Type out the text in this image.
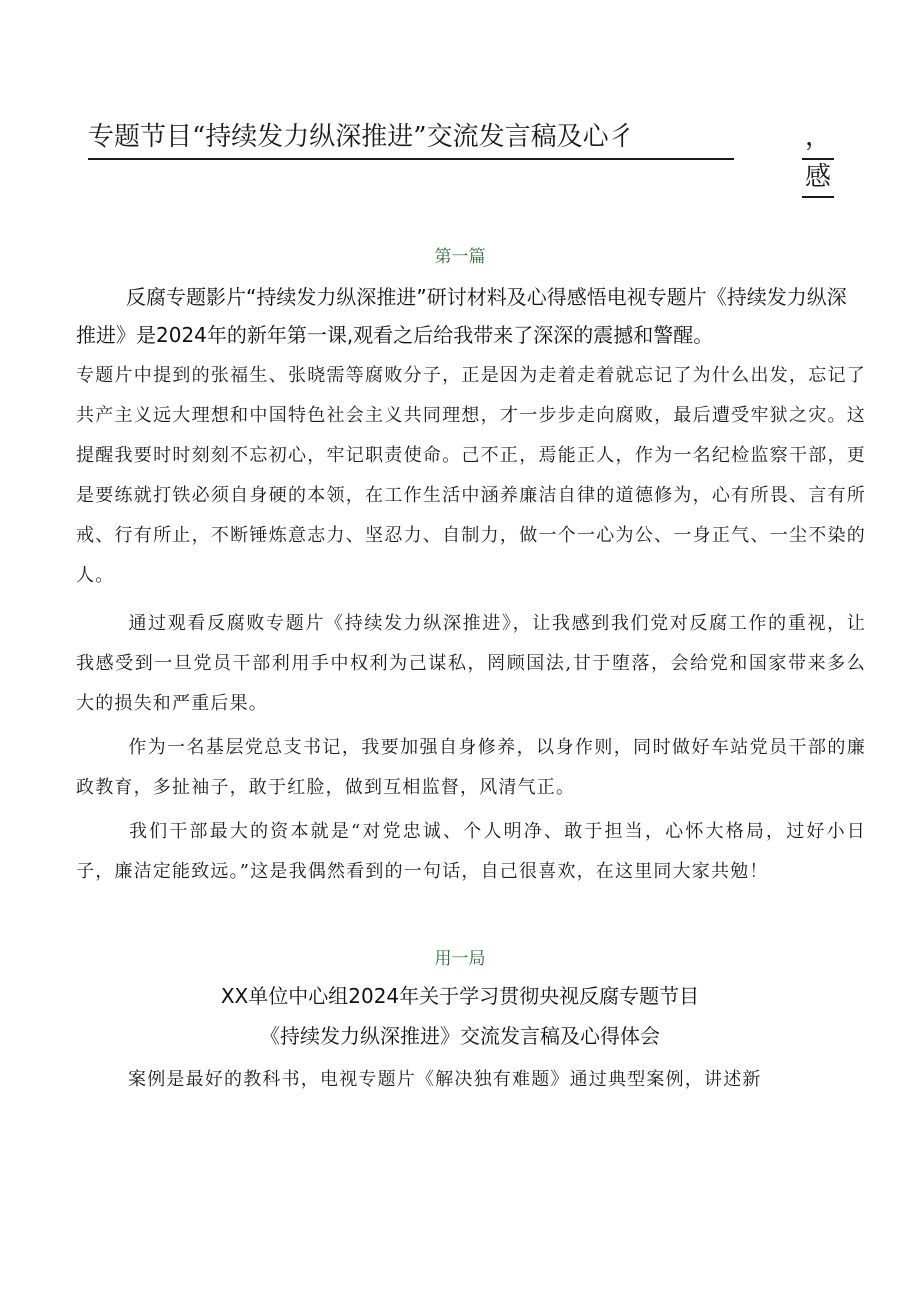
专题节目“持续发力纵深推进”交流发言稿及心彳	，
感
第一篇
反腐专题影片“持续发力纵深推进”研讨材料及心得感悟电视专题片《持续发力纵深推进》是2024年的新年第一课,观看之后给我带来了深深的震撼和警醒。
专题片中提到的张福生、张晓需等腐败分子，正是因为走着走着就忘记了为什么出发，忘记了共产主义远大理想和中国特色社会主义共同理想，才一步步走向腐败，最后遭受牢狱之灾。这提醒我要时时刻刻不忘初心，牢记职责使命。己不正，焉能正人，作为一名纪检监察干部，更是要练就打铁必须自身硬的本领，在工作生活中涵养廉洁自律的道德修为，心有所畏、言有所戒、行有所止，不断锤炼意志力、坚忍力、自制力，做一个一心为公、一身正气、一尘不染的人。
通过观看反腐败专题片《持续发力纵深推进》，让我感到我们党对反腐工作的重视，让我感受到一旦党员干部利用手中权利为己谋私，罔顾国法,甘于堕落，会给党和国家带来多么大的损失和严重后果。
作为一名基层党总支书记，我要加强自身修养，以身作则，同时做好车站党员干部的廉政教育，多扯袖子，敢于红脸，做到互相监督，风清气正。
我们干部最大的资本就是“对党忠诚、个人明净、敢于担当，心怀大格局，过好小日子，廉洁定能致远。”这是我偶然看到的一句话，自己很喜欢，在这里同大家共勉！
用一局
XX单位中心组2024年关于学习贯彻央视反腐专题节目
《持续发力纵深推进》交流发言稿及心得体会
案例是最好的教科书，电视专题片《解决独有难题》通过典型案例，讲述新
